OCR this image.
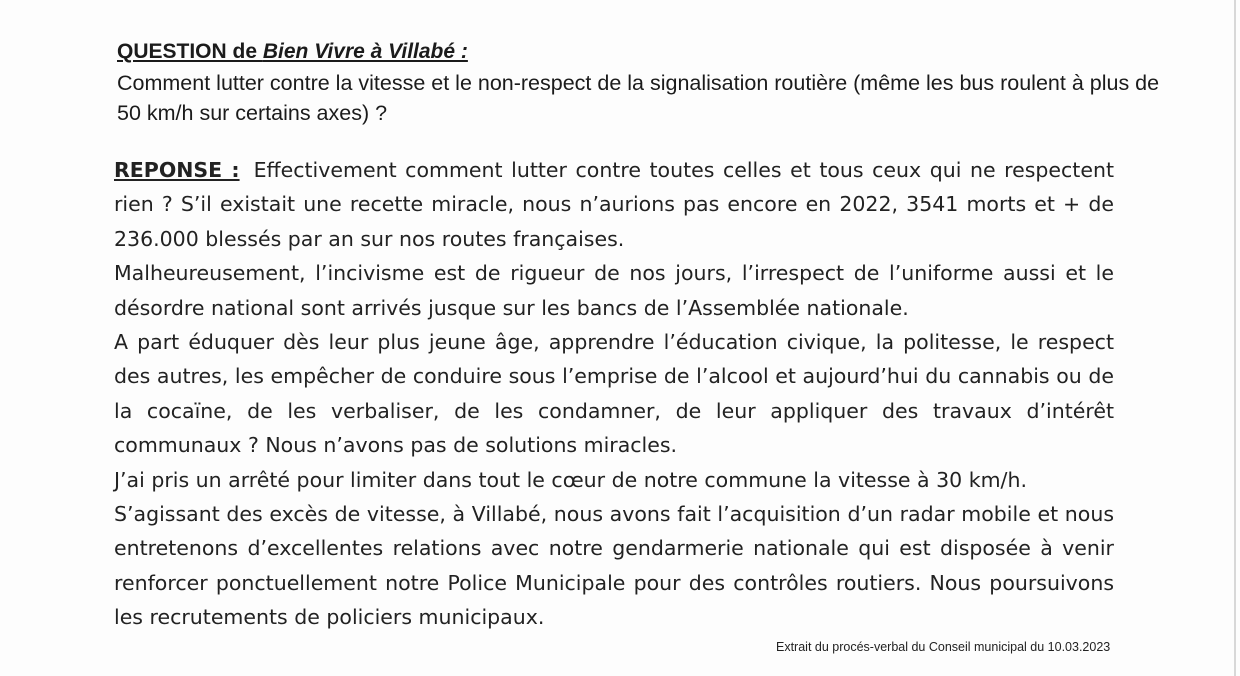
QUESTION de Bien Vivre à Villabé :
Comment lutter contre la vitesse et le non-respect de la signalisation routière (même les bus roulent à plus de 50 km/h sur certains axes) ?

REPONSE : Effectivement comment lutter contre toutes celles et tous ceux qui ne respectent rien ? S’il existait une recette miracle, nous n’aurions pas encore en 2022, 3541 morts et + de 236.000 blessés par an sur nos routes françaises.

Malheureusement, l’incivisme est de rigueur de nos jours, l’irrespect de l’uniforme aussi et le désordre national sont arrivés jusque sur les bancs de l’Assemblée nationale.

A part éduquer dès leur plus jeune âge, apprendre l’éducation civique, la politesse, le respect des autres, les empêcher de conduire sous l’emprise de l’alcool et aujourd’hui du cannabis ou de la cocaïne, de les verbaliser, de les condamner, de leur appliquer des travaux d’intérêt communaux ? Nous n’avons pas de solutions miracles.

J’ai pris un arrêté pour limiter dans tout le cœur de notre commune la vitesse à 30 km/h.

S’agissant des excès de vitesse, à Villabé, nous avons fait l’acquisition d’un radar mobile et nous entretenons d’excellentes relations avec notre gendarmerie nationale qui est disposée à venir renforcer ponctuellement notre Police Municipale pour des contrôles routiers. Nous poursuivons les recrutements de policiers municipaux.

Extrait du procés-verbal du Conseil municipal du 10.03.2023
